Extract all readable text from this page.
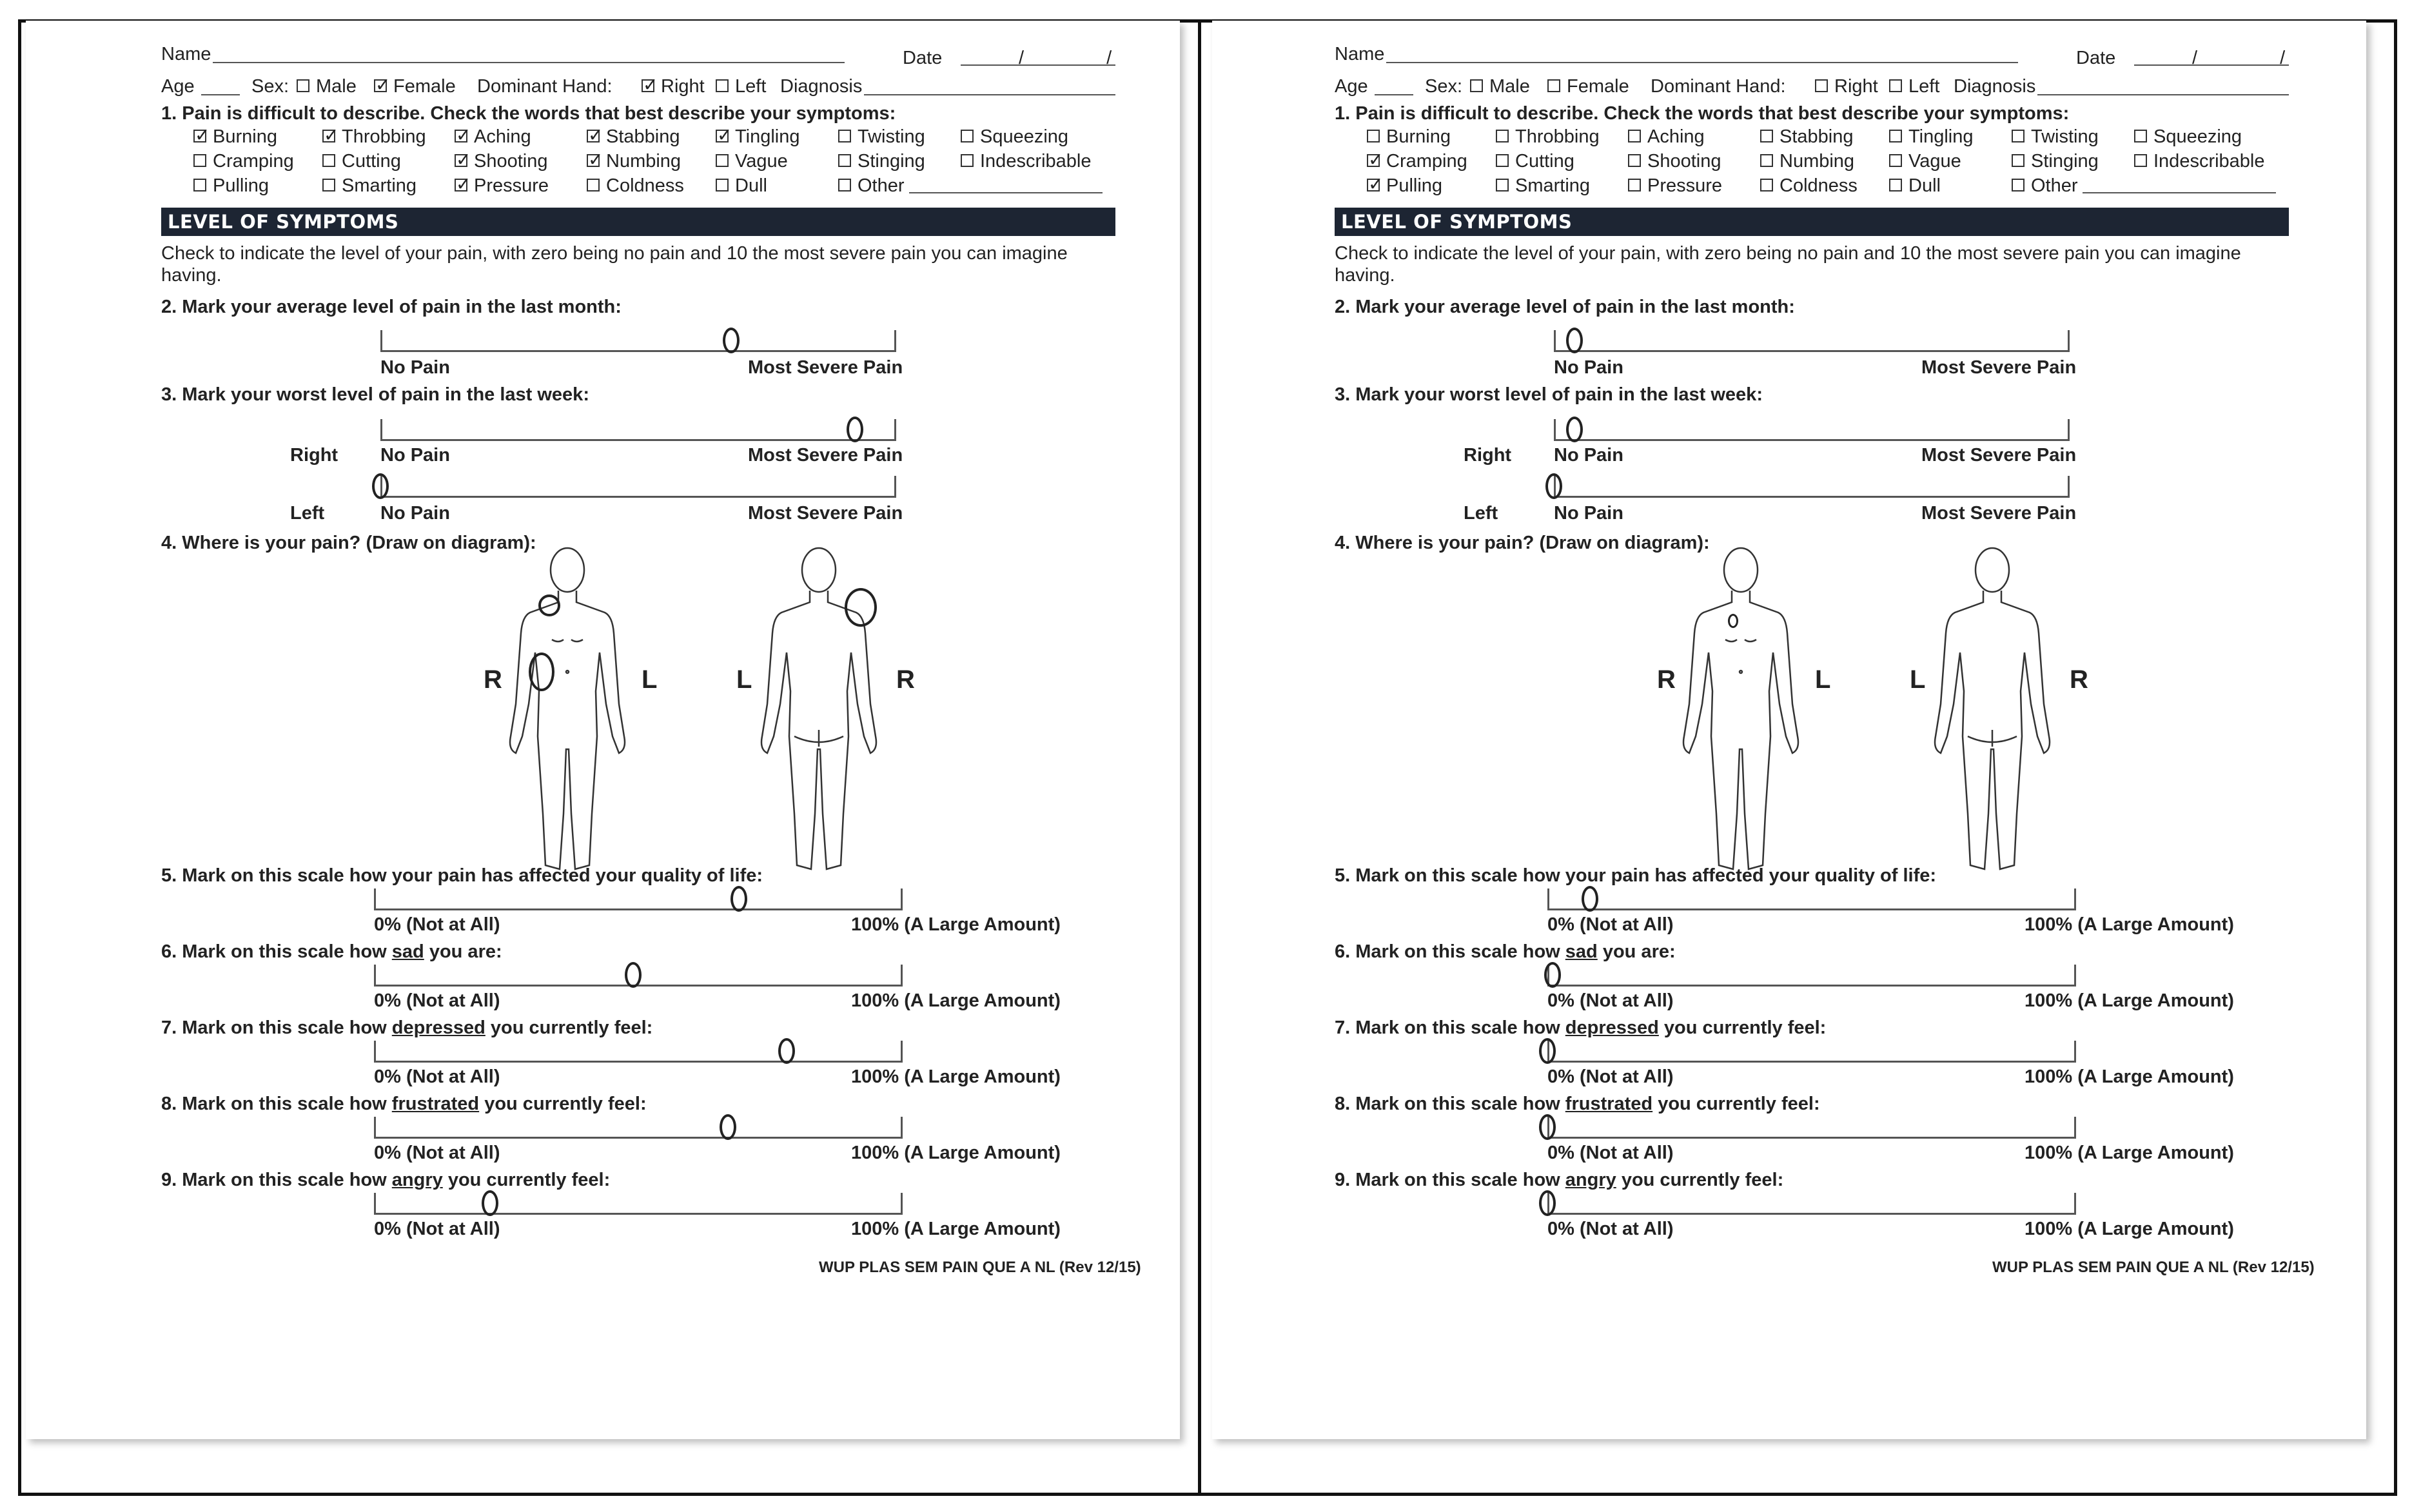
Name	Date	/ /
Age	Sex:	Male ✓	Female Dominant Hand: ✓	Right	Left Diagnosis
1. Pain is difficult to describe. Check the words that best describe your symptoms:
✓Burning ✓	Throbbing ✓	Aching ✓	Stabbing ✓	Tingling	Twisting	Squeezing
Cramping	Cutting ✓	Shooting ✓	Numbing	Vague	Stinging	Indescribable
Pulling	Smarting ✓	Pressure	Coldness	Dull	Other
LEVEL OF SYMPTOMS
Check to indicate the level of your pain, with zero being no pain and 10 the most severe pain you can imagine having.
2. Mark your average level of pain in the last month:
No Pain	Most Severe Pain
3. Mark your worst level of pain in the last week:
Right No Pain	Most Severe Pain
Left	No Pain	Most Severe Pain
4. Where is your pain? (Draw on diagram):
R	L	L	R
5. Mark on this scale how your pain has affected your quality of life:
0% (Not at All)	100% (A Large Amount)
6. Mark on this scale how sad you are:
0% (Not at All)	100% (A Large Amount)
7. Mark on this scale how depressed you currently feel:
0% (Not at All)	100% (A Large Amount)
8. Mark on this scale how frustrated you currently feel:
0% (Not at All)	100% (A Large Amount)
9. Mark on this scale how angry you currently feel:
0% (Not at All)	100% (A Large Amount)
WUP PLAS SEM PAIN QUE A NL (Rev 12/15)
Name	Date	/ /
Age	Sex:	Male	Female Dominant Hand:	Right	Left Diagnosis
1. Pain is difficult to describe. Check the words that best describe your symptoms:
Burning	Throbbing	Aching	Stabbing	Tingling	Twisting	Squeezing
✓Cramping	Cutting	Shooting	Numbing	Vague	Stinging	Indescribable
✓Pulling	Smarting	Pressure	Coldness	Dull	Other
LEVEL OF SYMPTOMS
Check to indicate the level of your pain, with zero being no pain and 10 the most severe pain you can imagine having.
2. Mark your average level of pain in the last month:
No Pain	Most Severe Pain
3. Mark your worst level of pain in the last week:
Right No Pain	Most Severe Pain
Left	No Pain	Most Severe Pain
4. Where is your pain? (Draw on diagram):
R	L	L	R
5. Mark on this scale how your pain has affected your quality of life:
0% (Not at All)	100% (A Large Amount)
6. Mark on this scale how sad you are:
0% (Not at All)	100% (A Large Amount)
7. Mark on this scale how depressed you currently feel:
0% (Not at All)	100% (A Large Amount)
8. Mark on this scale how frustrated you currently feel:
0% (Not at All)	100% (A Large Amount)
9. Mark on this scale how angry you currently feel:
0% (Not at All)	100% (A Large Amount)
WUP PLAS SEM PAIN QUE A NL (Rev 12/15)
